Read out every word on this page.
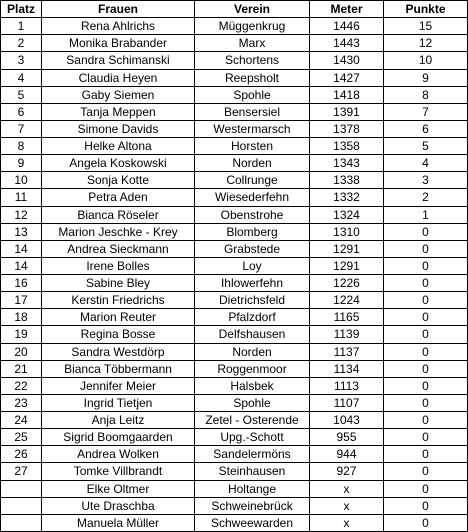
Platz	Frauen	Verein	Meter	Punkte
1	Rena Ahlrichs	Müggenkrug	1446	15
2	Monika Brabander	Marx	1443	12
3	Sandra Schimanski	Schortens	1430	10
4	Claudia Heyen	Reepsholt	1427	9
5	Gaby Siemen	Spohle	1418	8
6	Tanja Meppen	Bensersiel	1391	7
7	Simone Davids	Westermarsch	1378	6
8	Helke Altona	Horsten	1358	5
9	Angela Koskowski	Norden	1343	4
10	Sonja Kotte	Collrunge	1338	3
11	Petra Aden	Wiesederfehn	1332	2
12	Bianca Röseler	Obenstrohe	1324	1
13	Marion Jeschke - Krey	Blomberg	1310	0
14	Andrea Sieckmann	Grabstede	1291	0
14	Irene Bolles	Loy	1291	0
16	Sabine Bley	Ihlowerfehn	1226	0
17	Kerstin Friedrichs	Dietrichsfeld	1224	0
18	Marion Reuter	Pfalzdorf	1165	0
19	Regina Bosse	Delfshausen	1139	0
20	Sandra Westdörp	Norden	1137	0
21	Bianca Többermann	Roggenmoor	1134	0
22	Jennifer Meier	Halsbek	1113	0
23	Ingrid Tietjen	Spohle	1107	0
24	Anja Leitz	Zetel - Osterende	1043	0
25	Sigrid Boomgaarden	Upg.-Schott	955	0
26	Andrea Wolken	Sandelermöns	944	0
27	Tomke Villbrandt	Steinhausen	927	0
	Elke Oltmer	Holtange	x	0
	Ute Draschba	Schweinebrück	x	0
	Manuela Müller	Schweewarden	x	0
